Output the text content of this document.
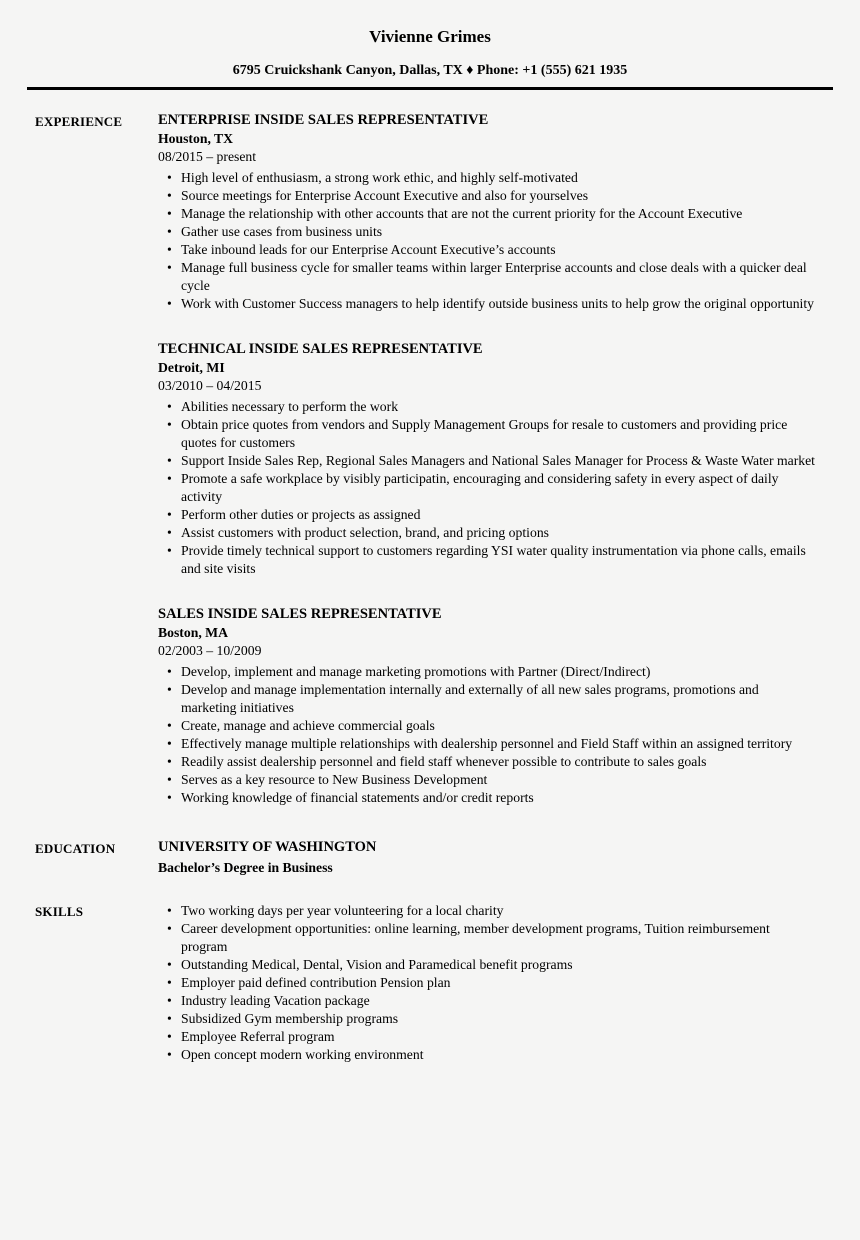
Vivienne Grimes
6795 Cruickshank Canyon, Dallas, TX ♦ Phone: +1 (555) 621 1935
EXPERIENCE	ENTERPRISE INSIDE SALES REPRESENTATIVE
Houston, TX
08/2015 – present
• High level of enthusiasm, a strong work ethic, and highly self-motivated
• Source meetings for Enterprise Account Executive and also for yourselves
• Manage the relationship with other accounts that are not the current priority for the Account Executive
• Gather use cases from business units
• Take inbound leads for our Enterprise Account Executive’s accounts
• Manage full business cycle for smaller teams within larger Enterprise accounts and close deals with a quicker deal cycle
• Work with Customer Success managers to help identify outside business units to help grow the original opportunity
TECHNICAL INSIDE SALES REPRESENTATIVE
Detroit, MI
03/2010 – 04/2015
• Abilities necessary to perform the work
• Obtain price quotes from vendors and Supply Management Groups for resale to customers and providing price quotes for customers
• Support Inside Sales Rep, Regional Sales Managers and National Sales Manager for Process & Waste Water market
• Promote a safe workplace by visibly participatin, encouraging and considering safety in every aspect of daily activity
• Perform other duties or projects as assigned
• Assist customers with product selection, brand, and pricing options
• Provide timely technical support to customers regarding YSI water quality instrumentation via phone calls, emails and site visits
SALES INSIDE SALES REPRESENTATIVE
Boston, MA
02/2003 – 10/2009
• Develop, implement and manage marketing promotions with Partner (Direct/Indirect)
• Develop and manage implementation internally and externally of all new sales programs, promotions and marketing initiatives
• Create, manage and achieve commercial goals
• Effectively manage multiple relationships with dealership personnel and Field Staff within an assigned territory
• Readily assist dealership personnel and field staff whenever possible to contribute to sales goals
• Serves as a key resource to New Business Development
• Working knowledge of financial statements and/or credit reports
EDUCATION	UNIVERSITY OF WASHINGTON
Bachelor’s Degree in Business
SKILLS	• Two working days per year volunteering for a local charity
• Career development opportunities: online learning, member development programs, Tuition reimbursement program
• Outstanding Medical, Dental, Vision and Paramedical benefit programs
• Employer paid defined contribution Pension plan
• Industry leading Vacation package
• Subsidized Gym membership programs
• Employee Referral program
• Open concept modern working environment
